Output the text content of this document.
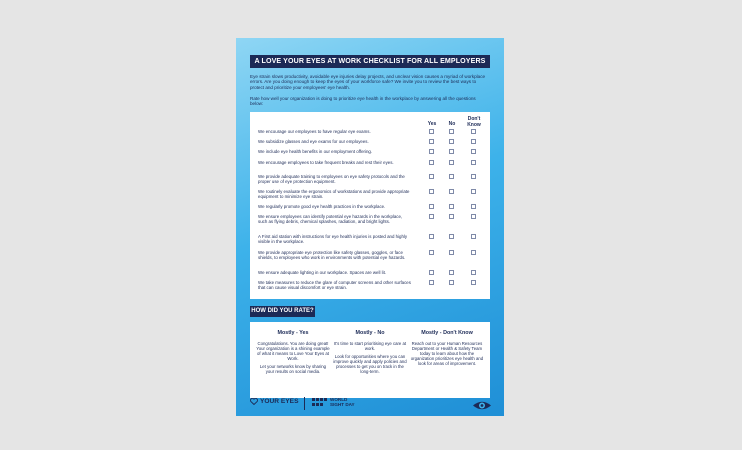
A LOVE YOUR EYES AT WORK CHECKLIST FOR ALL EMPLOYERS
Eye strain slows productivity, avoidable eye injuries delay projects, and unclear vision causes a myriad of workplace errors. Are you doing enough to keep the eyes of your workforce safe? We invite you to review the best ways to protect and prioritize your employees' eye health.
Rate how well your organization is doing to prioritize eye health in the workplace by answering all the questions below:
Yes	No
Don't Know
We encourage our employees to have regular eye exams.
We subsidize glasses and eye exams for our employees.
We include eye health benefits in our employment offering.
We encourage employees to take frequent breaks and rest their eyes.
We provide adequate training to employees on eye safety protocols and the proper use of eye protection equipment.
We routinely evaluate the ergonomics of workstations and provide appropriate equipment to minimize eye strain.
We regularly promote good eye health practices in the workplace.
We ensure employees can identify potential eye hazards in the workplace, such as flying debris, chemical splashes, radiation, and bright lights.
A First aid station with instructions for eye health injuries is posted and highly visible in the workplace.
We provide appropriate eye protection like safety glasses, goggles, or face shields, to employees who work in environments with potential eye hazards.
We ensure adequate lighting in our workplace. Spaces are well lit.
We take measures to reduce the glare of computer screens and other surfaces that can cause visual discomfort or eye strain.
HOW DID YOU RATE?
Mostly - Yes
Congratulations. You are doing great! Your organization is a shining example of what it means to Love Your Eyes at Work.
Let your networks know by sharing your results on social media.
Mostly - No
It's time to start prioritising eye care at work.
Look for opportunities where you can improve quickly and apply policies and processes to get you on track in the long-term.
Mostly - Don't Know
Reach out to your Human Resources Department or Health & Safety Team today to learn about how the organization prioritizes eye health and look for areas of improvement.
YOUR EYES	WORLD
SIGHT DAY
